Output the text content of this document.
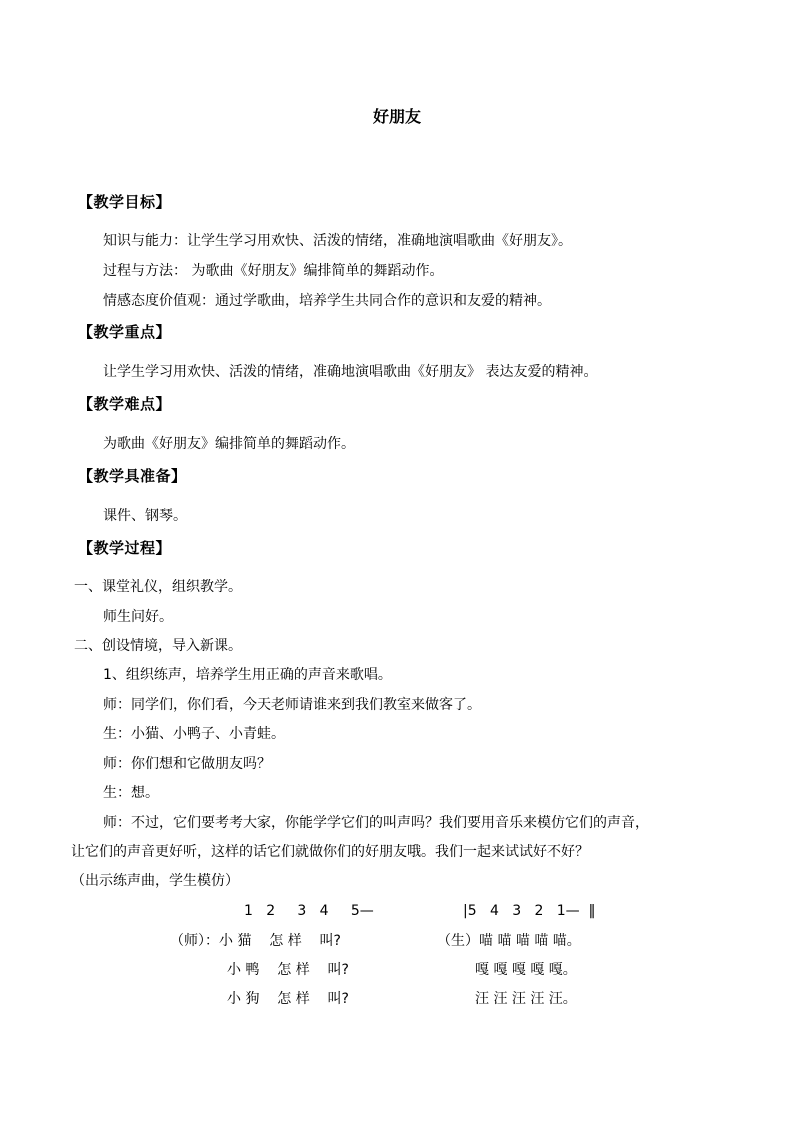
好朋友
【教学目标】
知识与能力：让学生学习用欢快、活泼的情绪，准确地演唱歌曲《好朋友》。
过程与方法： 为歌曲《好朋友》编排简单的舞蹈动作。
情感态度价值观：通过学歌曲，培养学生共同合作的意识和友爱的精神。
【教学重点】
让学生学习用欢快、活泼的情绪，准确地演唱歌曲《好朋友》 表达友爱的精神。
【教学难点】
为歌曲《好朋友》编排简单的舞蹈动作。
【教学具准备】
课件、钢琴。
【教学过程】
一、课堂礼仪，组织教学。
师生问好。
二、创设情境，导入新课。
1、组织练声，培养学生用正确的声音来歌唱。
师：同学们，你们看，今天老师请谁来到我们教室来做客了。
生：小猫、小鸭子、小青蛙。
师：你们想和它做朋友吗？
生：想。
师：不过，它们要考考大家，你能学学它们的叫声吗？我们要用音乐来模仿它们的声音，
让它们的声音更好听，这样的话它们就做你们的好朋友哦。我们一起来试试好不好？
（出示练声曲，学生模仿）
1   2     3   4     5—	|5   4   3   2   1—  ‖
（师）：小 猫    怎 样    叫?	（生）喵 喵 喵 喵 喵。
小 鸭    怎 样    叫?	嘎 嘎 嘎 嘎 嘎。
小 狗    怎 样    叫?	汪 汪 汪 汪 汪。
